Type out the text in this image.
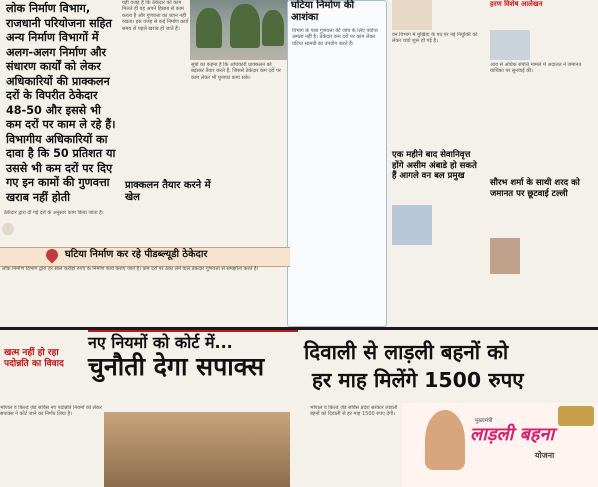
लोक निर्माण विभाग, राजधानी परियोजना सहित अन्य निर्माण विभागों में अलग-अलग निर्माण और संधारण कार्यों को लेकर अधिकारियों की प्राक्कलन दरों के विपरीत ठेकेदार 48-50 और इससे भी कम दरों पर काम ले रहे हैं। विभागीय अधिकारियों का दावा है कि 50 प्रतिशत या उससे भी कम दरों पर दिए गए इन कामों की गुणवत्ता खराब नहीं होती
ठेकेदार द्वारा दी गई दरों के अनुसार काम किया जाता है।
यही वजह है कि ठेकेदार को काम मिलते ही वह अपने हिसाब से काम करता है और गुणवत्ता का ध्यान नहीं रखता। इस वजह से कई निर्माण कार्य समय से पहले खराब हो जाते हैं।
प्राक्कलन तैयार करने में खेल
सूत्रों का कहना है कि अधिकारी प्राक्कलन को बढ़ाकर तैयार करते हैं, जिससे ठेकेदार कम दरों पर काम लेकर भी मुनाफा कमा सके।
घटिया निर्माण की आशंका
विभाग के पास गुणवत्ता की जांच के लिए पर्याप्त अमला नहीं है। ठेकेदार कम दरों पर काम लेकर घटिया सामग्री का उपयोग करते हैं।
वन विभाग में मुखिया के पद पर नई नियुक्ति को लेकर चर्चा शुरू हो गई है।
एक महीने बाद सेवानिवृत्त होंगे असीम अंबाडे हो सकते हैं आगले वन बल प्रमुख
हरण विशेष आलेखन
आय से अधिक संपत्ति मामले में अदालत ने जमानत याचिका पर सुनवाई की।
सौरभ शर्मा के साथी शरद को जमानत पर छूटवाई टल्ली
घटिया निर्माण कर रहे पीडब्ल्यूडी ठेकेदार
लोक निर्माण विभाग द्वारा हर साल करोड़ों रुपए के निर्माण कार्य कराए जाते हैं। कम दरों पर ठेका लेने वाले ठेकेदार गुणवत्ता से समझौता करते हैं।
खत्म नहीं हो रहा पदोन्नति का विवाद
नए नियमों को कोर्ट में...
चुनौती देगा सपाक्स दिवाली से लाड़ली बहनों को
हर माह मिलेंगे 1500 रुपए
भोपाल व किल्ड ज़ेड सर्विस नए पदोन्नति नियमों को लेकर सपाक्स ने कोर्ट जाने का निर्णय लिया है।
भोपाल व किल्ड ज़ेड सर्विस प्रदेश सरकार लाड़ली बहनों को दिवाली से हर माह 1500 रुपए देगी।
मुख्यमंत्री
लाड़ली बहना
योजना
